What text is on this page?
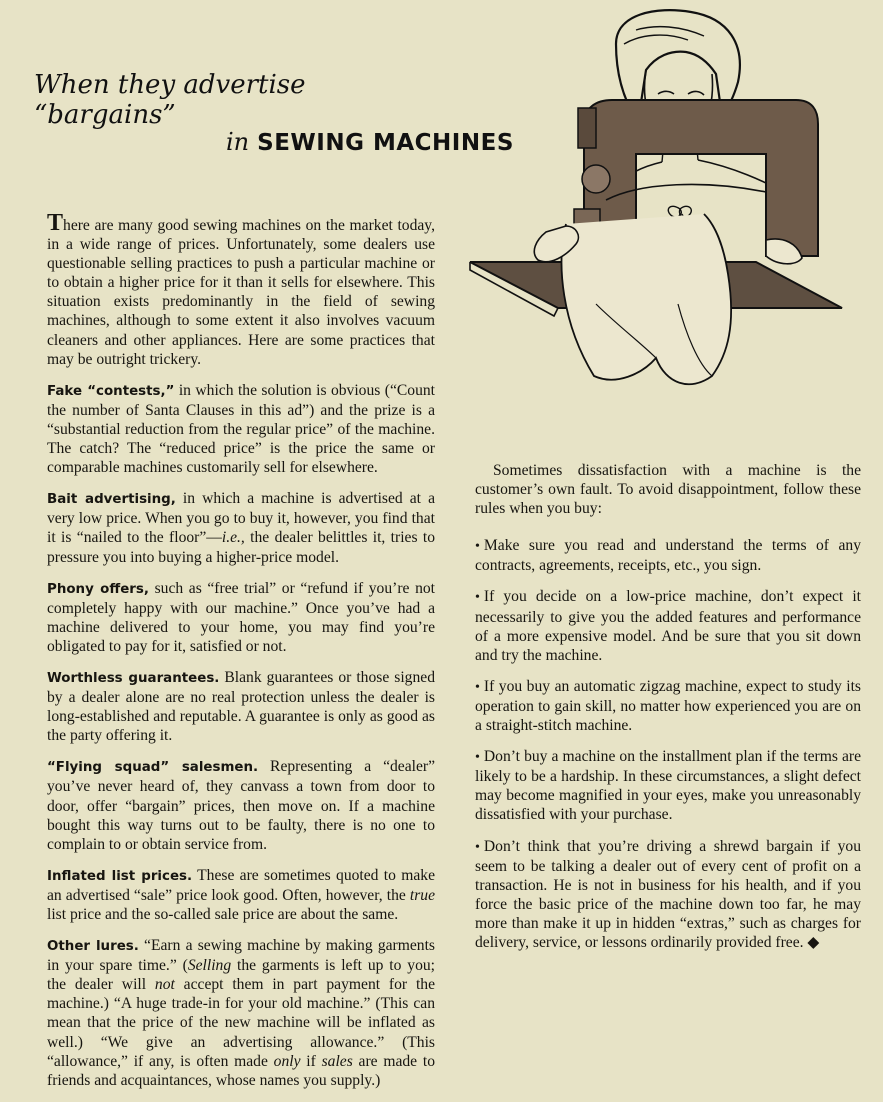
When they advertise “bargains”
in SEWING MACHINES

There are many good sewing machines on the market today, in a wide range of prices. Unfortunately, some dealers use questionable selling practices to push a particular machine or to obtain a higher price for it than it sells for elsewhere. This situation exists predominantly in the field of sewing machines, although to some extent it also involves vacuum cleaners and other appliances. Here are some practices that may be outright trickery.

Fake “contests,” in which the solution is obvious (“Count the number of Santa Clauses in this ad”) and the prize is a “substantial reduction from the regular price” of the machine. The catch? The “reduced price” is the price the same or comparable machines customarily sell for elsewhere.

Bait advertising, in which a machine is advertised at a very low price. When you go to buy it, however, you find that it is “nailed to the floor”—i.e., the dealer belittles it, tries to pressure you into buying a higher-price model.

Phony offers, such as “free trial” or “refund if you’re not completely happy with our machine.” Once you’ve had a machine delivered to your home, you may find you’re obligated to pay for it, satisfied or not.

Worthless guarantees. Blank guarantees or those signed by a dealer alone are no real protection unless the dealer is long-established and reputable. A guarantee is only as good as the party offering it.

“Flying squad” salesmen. Representing a “dealer” you’ve never heard of, they canvass a town from door to door, offer “bargain” prices, then move on. If a machine bought this way turns out to be faulty, there is no one to complain to or obtain service from.

Inflated list prices. These are sometimes quoted to make an advertised “sale” price look good. Often, however, the true list price and the so-called sale price are about the same.

Other lures. “Earn a sewing machine by making garments in your spare time.” (Selling the garments is left up to you; the dealer will not accept them in part payment for the machine.) “A huge trade-in for your old machine.” (This can mean that the price of the new machine will be inflated as well.) “We give an advertising allowance.” (This “allowance,” if any, is often made only if sales are made to friends and acquaintances, whose names you supply.)

Sometimes dissatisfaction with a machine is the customer’s own fault. To avoid disappointment, follow these rules when you buy:

• Make sure you read and understand the terms of any contracts, agreements, receipts, etc., you sign.

• If you decide on a low-price machine, don’t expect it necessarily to give you the added features and performance of a more expensive model. And be sure that you sit down and try the machine.

• If you buy an automatic zigzag machine, expect to study its operation to gain skill, no matter how experienced you are on a straight-stitch machine.

• Don’t buy a machine on the installment plan if the terms are likely to be a hardship. In these circumstances, a slight defect may become magnified in your eyes, make you unreasonably dissatisfied with your purchase.

• Don’t think that you’re driving a shrewd bargain if you seem to be talking a dealer out of every cent of profit on a transaction. He is not in business for his health, and if you force the basic price of the machine down too far, he may more than make it up in hidden “extras,” such as charges for delivery, service, or lessons ordinarily provided free. ◆
